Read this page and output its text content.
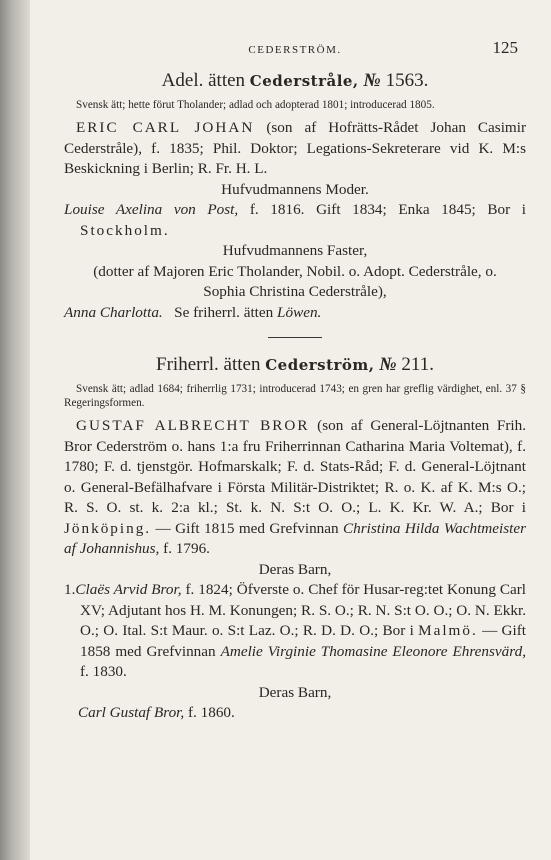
CEDERSTRÖM.	125
Adel. ätten Cederstråle, № 1563.

Svensk ätt; hette förut Tholander; adlad och adopterad 1801; introducerad 1805.

ERIC CARL JOHAN (son af Hofrätts-Rådet Johan Casimir Cederstråle), f. 1835; Phil. Doktor; Legations-Sekreterare vid K. M:s Beskickning i Berlin; R. Fr. H. L.

Hufvudmannens Moder.

Louise Axelina von Post, f. 1816. Gift 1834; Enka 1845; Bor i Stockholm.

Hufvudmannens Faster,

(dotter af Majoren Eric Tholander, Nobil. o. Adopt. Cederstråle, o. Sophia Christina Cederstråle),

Anna Charlotta. Se friherrl. ätten Löwen.

Friherrl. ätten Cederström, № 211.

Svensk ätt; adlad 1684; friherrlig 1731; introducerad 1743; en gren har greflig värdighet, enl. 37 § Regeringsformen.

GUSTAF ALBRECHT BROR (son af General-Löjtnanten Frih. Bror Cederström o. hans 1:a fru Friherrinnan Catharina Maria Voltemat), f. 1780; F. d. tjenstgör. Hofmarskalk; F. d. Stats-Råd; F. d. General-Löjtnant o. General-Befälhafvare i Första Militär-Distriktet; R. o. K. af K. M:s O.; R. S. O. st. k. 2:a kl.; St. k. N. S:t O. O.; L. K. Kr. W. A.; Bor i Jönköping. — Gift 1815 med Grefvinnan Christina Hilda Wachtmeister af Johannishus, f. 1796.

Deras Barn,

1.Claës Arvid Bror, f. 1824; Öfverste o. Chef för Husar-reg:tet Konung Carl XV; Adjutant hos H. M. Konungen; R. S. O.; R. N. S:t O. O.; O. N. Ekkr. O.; O. Ital. S:t Maur. o. S:t Laz. O.; R. D. D. O.; Bor i Malmö. — Gift 1858 med Grefvinnan Amelie Virginie Thomasine Eleonore Ehrensvärd, f. 1830.

Deras Barn,

Carl Gustaf Bror, f. 1860.
